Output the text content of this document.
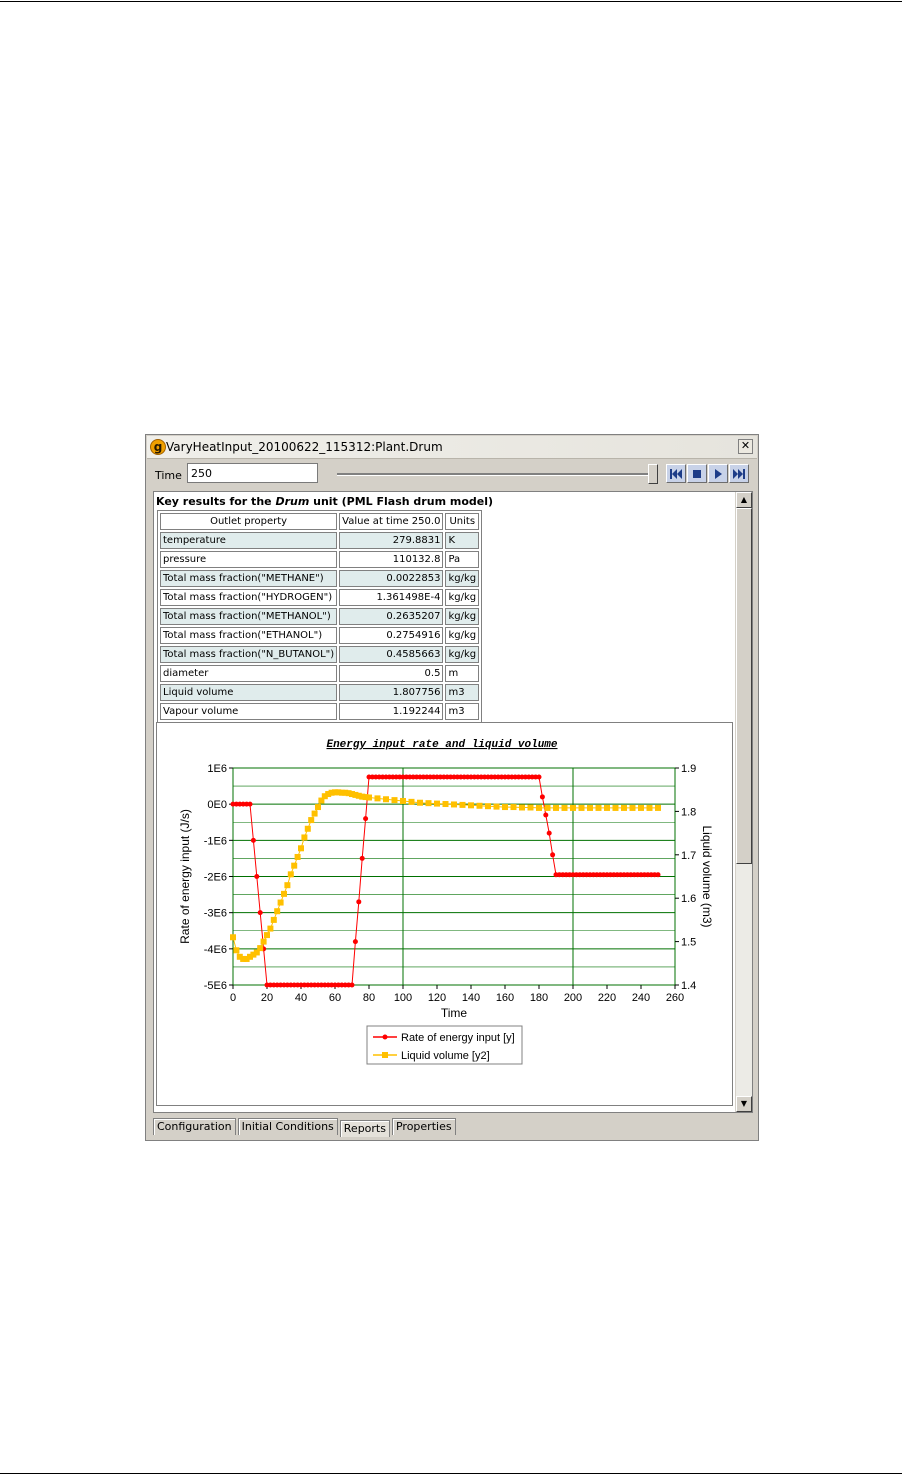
g VaryHeatInput_20100622_115312:Plant.Drum	✕
Time
250
Key results for the Drum unit (PML Flash drum model)
Outlet property	Value at time 250.0	Units
temperature	279.8831	K
pressure	110132.8	Pa
Total mass fraction("METHANE")	0.0022853	kg/kg
Total mass fraction("HYDROGEN")	1.361498E-4	kg/kg
Total mass fraction("METHANOL")	0.2635207	kg/kg
Total mass fraction("ETHANOL")	0.2754916	kg/kg
Total mass fraction("N_BUTANOL")	0.4585663	kg/kg
diameter	0.5	m
Liquid volume	1.807756	m3
Vapour volume	1.192244	m3
Energy input rate and liquid volume
0 20 40 60 80 100 120 140 160 180 200 220 240 260
1E6
0E0
-1E6
-2E6
-3E6
-4E6
-5E6
1.9
1.8
1.7
1.6
1.5
1.4
Time
Rate of energy input (J/s)	Liquid volume (m3)
Rate of energy input [y]
Liquid volume [y2]
▲
▼
Configuration Initial Conditions Reports Properties
